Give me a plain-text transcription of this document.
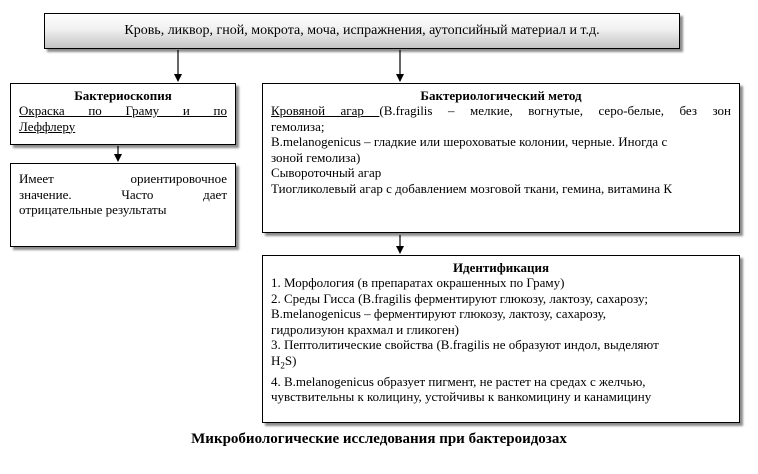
Кровь, ликвор, гной, мокрота, моча, испражнения, аутопсийный материал и т.д.
Бактериоскопия
Окраска по Граму и по
Леффлеру
Имеет ориентировочное
значение. Часто дает
отрицательные результаты
Бактериологический метод
Кровяной агар (B.fragilis – мелкие, вогнутые, серо-белые, без зон
гемолиза;
B.melanogenicus – гладкие или шероховатые колонии, черные. Иногда с
зоной гемолиза)
Сывороточный агар
Тиогликолевый агар с добавлением мозговой ткани, гемина, витамина К
Идентификация
1. Морфология (в препаратах окрашенных по Граму)
2. Среды Гисса (B.fragilis ферментируют глюкозу, лактозу, сахарозу;
B.melanogenicus – ферментируют глюкозу, лактозу, сахарозу,
гидролизуюн крахмал и гликоген)
3. Пептолитические свойства (B.fragilis не образуют индол, выделяют
$H_2S$)
4. B.melanogenicus образует пигмент, не растет на средах с желчью,
чувствительны к колицину, устойчивы к ванкомицину и канамицину
Микробиологические исследования при бактероидозах
